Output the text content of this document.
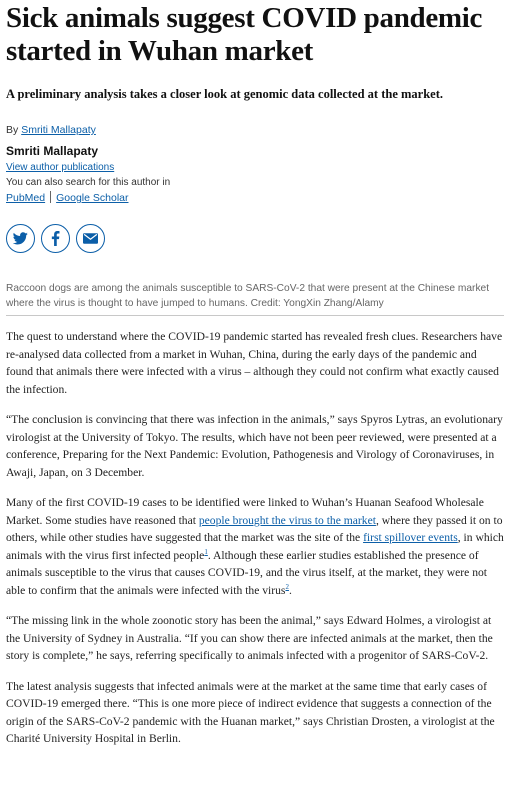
Sick animals suggest COVID pandemic started in Wuhan market
A preliminary analysis takes a closer look at genomic data collected at the market.
By Smriti Mallapaty
Smriti Mallapaty
View author publications
You can also search for this author in
PubMed Google Scholar
Raccoon dogs are among the animals susceptible to SARS-CoV-2 that were present at the Chinese market where the virus is thought to have jumped to humans. Credit: YongXin Zhang/Alamy

The quest to understand where the COVID-19 pandemic started has revealed fresh clues. Researchers have re-analysed data collected from a market in Wuhan, China, during the early days of the pandemic and found that animals there were infected with a virus – although they could not confirm what exactly caused the infection.

“The conclusion is convincing that there was infection in the animals,” says Spyros Lytras, an evolutionary virologist at the University of Tokyo. The results, which have not been peer reviewed, were presented at a conference, Preparing for the Next Pandemic: Evolution, Pathogenesis and Virology of Coronaviruses, in Awaji, Japan, on 3 December.

Many of the first COVID-19 cases to be identified were linked to Wuhan’s Huanan Seafood Wholesale Market. Some studies have reasoned that people brought the virus to the market, where they passed it on to others, while other studies have suggested that the market was the site of the first spillover events, in which animals with the virus first infected people$^1$. Although these earlier studies established the presence of animals susceptible to the virus that causes COVID-19, and the virus itself, at the market, they were not able to confirm that the animals were infected with the virus$^2$.

“The missing link in the whole zoonotic story has been the animal,” says Edward Holmes, a virologist at the University of Sydney in Australia. “If you can show there are infected animals at the market, then the story is complete,” he says, referring specifically to animals infected with a progenitor of SARS-CoV-2.

The latest analysis suggests that infected animals were at the market at the same time that early cases of COVID-19 emerged there. “This is one more piece of indirect evidence that suggests a connection of the origin of the SARS-CoV-2 pandemic with the Huanan market,” says Christian Drosten, a virologist at the Charité University Hospital in Berlin.
